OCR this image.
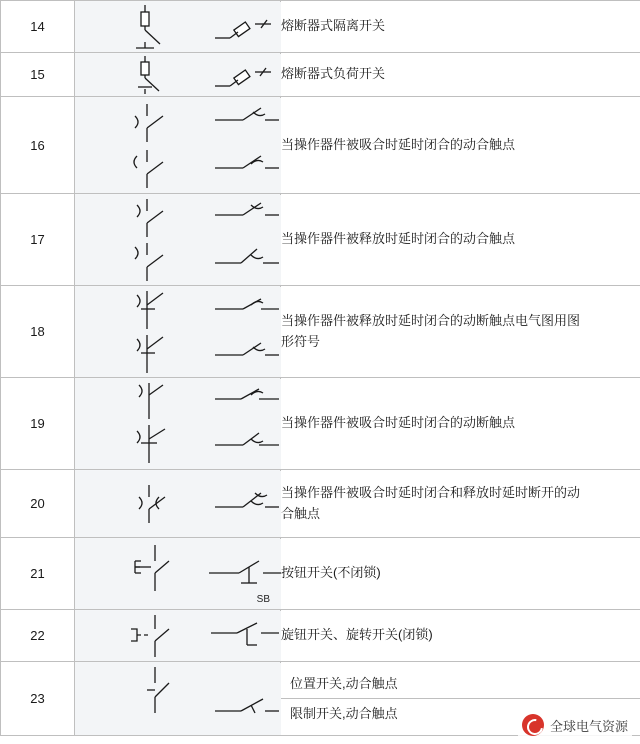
14		熔断器式隔离开关
15		熔断器式负荷开关
16		当操作器件被吸合时延时闭合的动合触点
17		当操作器件被释放时延时闭合的动合触点
18		当操作器件被释放时延时闭合的动断触点电气图用图
形符号

19		当操作器件被吸合时延时闭合的动断触点
20		当操作器件被吸合时延时闭合和释放时延时断开的动
合触点

21	SB	按钮开关(不闭锁)
22		旋钮开关、旋转开关(闭锁)
23		位置开关,动合触点
限制开关,动合触点
全球电气资源
